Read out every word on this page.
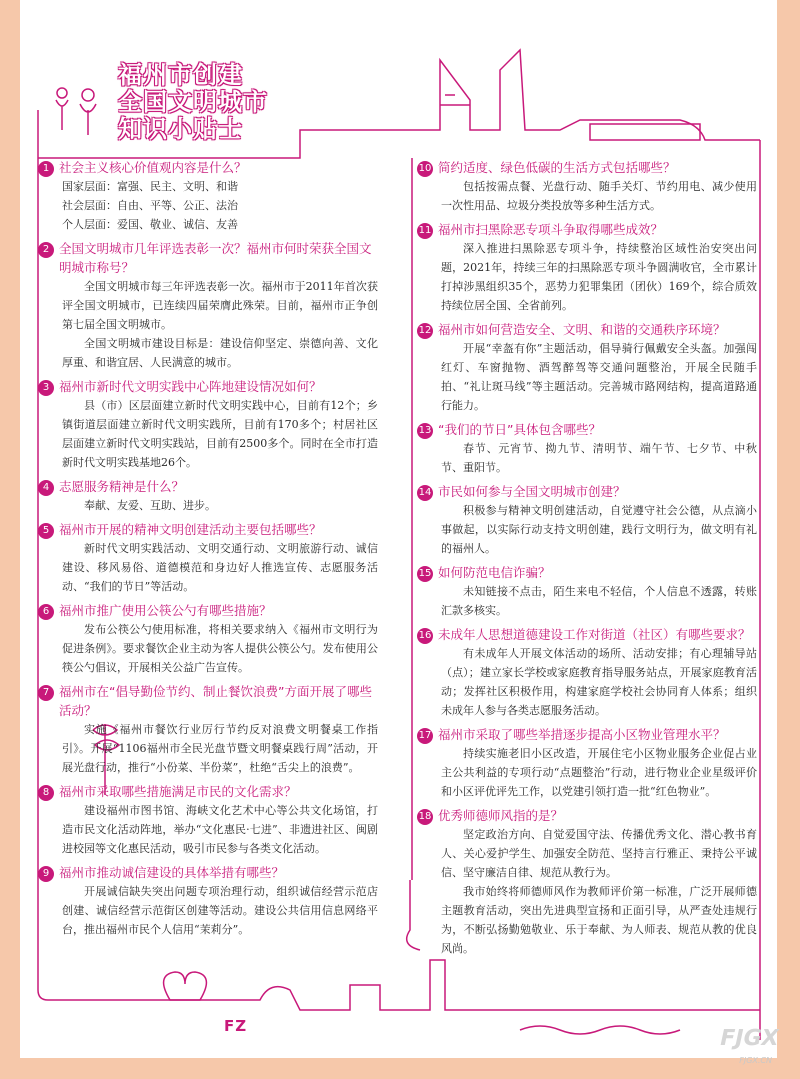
福州市创建
全国文明城市
知识小贴士
1 社会主义核心价值观内容是什么？

国家层面：富强、民主、文明、和谐

社会层面：自由、平等、公正、法治

个人层面：爱国、敬业、诚信、友善

2 全国文明城市几年评选表彰一次？福州市何时荣获全国文明城市称号？

全国文明城市每三年评选表彰一次。福州市于2011年首次获评全国文明城市，已连续四届荣膺此殊荣。目前，福州市正争创第七届全国文明城市。

全国文明城市建设目标是：建设信仰坚定、崇德向善、文化厚重、和谐宜居、人民满意的城市。

3 福州市新时代文明实践中心阵地建设情况如何？

县（市）区层面建立新时代文明实践中心，目前有12个；乡镇街道层面建立新时代文明实践所，目前有170多个；村居社区层面建立新时代文明实践站，目前有2500多个。同时在全市打造新时代文明实践基地26个。

4 志愿服务精神是什么？

奉献、友爱、互助、进步。

5 福州市开展的精神文明创建活动主要包括哪些？

新时代文明实践活动、文明交通行动、文明旅游行动、诚信建设、移风易俗、道德模范和身边好人推选宣传、志愿服务活动、“我们的节日”等活动。

6 福州市推广使用公筷公勺有哪些措施？

发布公筷公勺使用标准，将相关要求纳入《福州市文明行为促进条例》。要求餐饮企业主动为客人提供公筷公勺。发布使用公筷公勺倡议，开展相关公益广告宣传。

7 福州市在“倡导勤俭节约、制止餐饮浪费”方面开展了哪些活动？

实施《福州市餐饮行业厉行节约反对浪费文明餐桌工作指引》。开展“1106福州市全民光盘节暨文明餐桌践行周”活动，开展光盘行动，推行“小份菜、半份菜”，杜绝“舌尖上的浪费”。

8 福州市采取哪些措施满足市民的文化需求？

建设福州市图书馆、海峡文化艺术中心等公共文化场馆，打造市民文化活动阵地，举办“文化惠民·七进”、非遗进社区、闽剧进校园等文化惠民活动，吸引市民参与各类文化活动。

9 福州市推动诚信建设的具体举措有哪些？

开展诚信缺失突出问题专项治理行动，组织诚信经营示范店创建、诚信经营示范街区创建等活动。建设公共信用信息网络平台，推出福州市民个人信用“茉莉分”。

10 简约适度、绿色低碳的生活方式包括哪些？

包括按需点餐、光盘行动、随手关灯、节约用电、减少使用一次性用品、垃圾分类投放等多种生活方式。

11 福州市扫黑除恶专项斗争取得哪些成效？

深入推进扫黑除恶专项斗争，持续整治区域性治安突出问题，2021年，持续三年的扫黑除恶专项斗争圆满收官，全市累计打掉涉黑组织35个，恶势力犯罪集团（团伙）169个，综合质效持续位居全国、全省前列。

12 福州市如何营造安全、文明、和谐的交通秩序环境？

开展“幸盔有你”主题活动，倡导骑行佩戴安全头盔。加强闯红灯、车窗抛物、酒驾醉驾等交通问题整治，开展全民随手拍、“礼让斑马线”等主题活动。完善城市路网结构，提高道路通行能力。

13 “我们的节日”具体包含哪些？

春节、元宵节、拗九节、清明节、端午节、七夕节、中秋节、重阳节。

14 市民如何参与全国文明城市创建？

积极参与精神文明创建活动，自觉遵守社会公德，从点滴小事做起，以实际行动支持文明创建，践行文明行为，做文明有礼的福州人。

15 如何防范电信诈骗？

未知链接不点击，陌生来电不轻信，个人信息不透露，转账汇款多核实。

16 未成年人思想道德建设工作对街道（社区）有哪些要求？

有未成年人开展文体活动的场所、活动安排；有心理辅导站（点）；建立家长学校或家庭教育指导服务站点，开展家庭教育活动；发挥社区积极作用，构建家庭学校社会协同育人体系；组织未成年人参与各类志愿服务活动。

17 福州市采取了哪些举措逐步提高小区物业管理水平？

持续实施老旧小区改造，开展住宅小区物业服务企业促占业主公共利益的专项行动“点题整治”行动，进行物业企业星级评价和小区评优评先工作，以党建引领打造一批“红色物业”。

18 优秀师德师风指的是？

坚定政治方向、自觉爱国守法、传播优秀文化、潜心教书育人、关心爱护学生、加强安全防范、坚持言行雅正、秉持公平诚信、坚守廉洁自律、规范从教行为。

我市始终将师德师风作为教师评价第一标准，广泛开展师德主题教育活动，突出先进典型宣扬和正面引导，从严查处违规行为，不断弘扬勤勉敬业、乐于奉献、为人师表、规范从教的优良风尚。

FZ	FJGX
FJGX.CN
